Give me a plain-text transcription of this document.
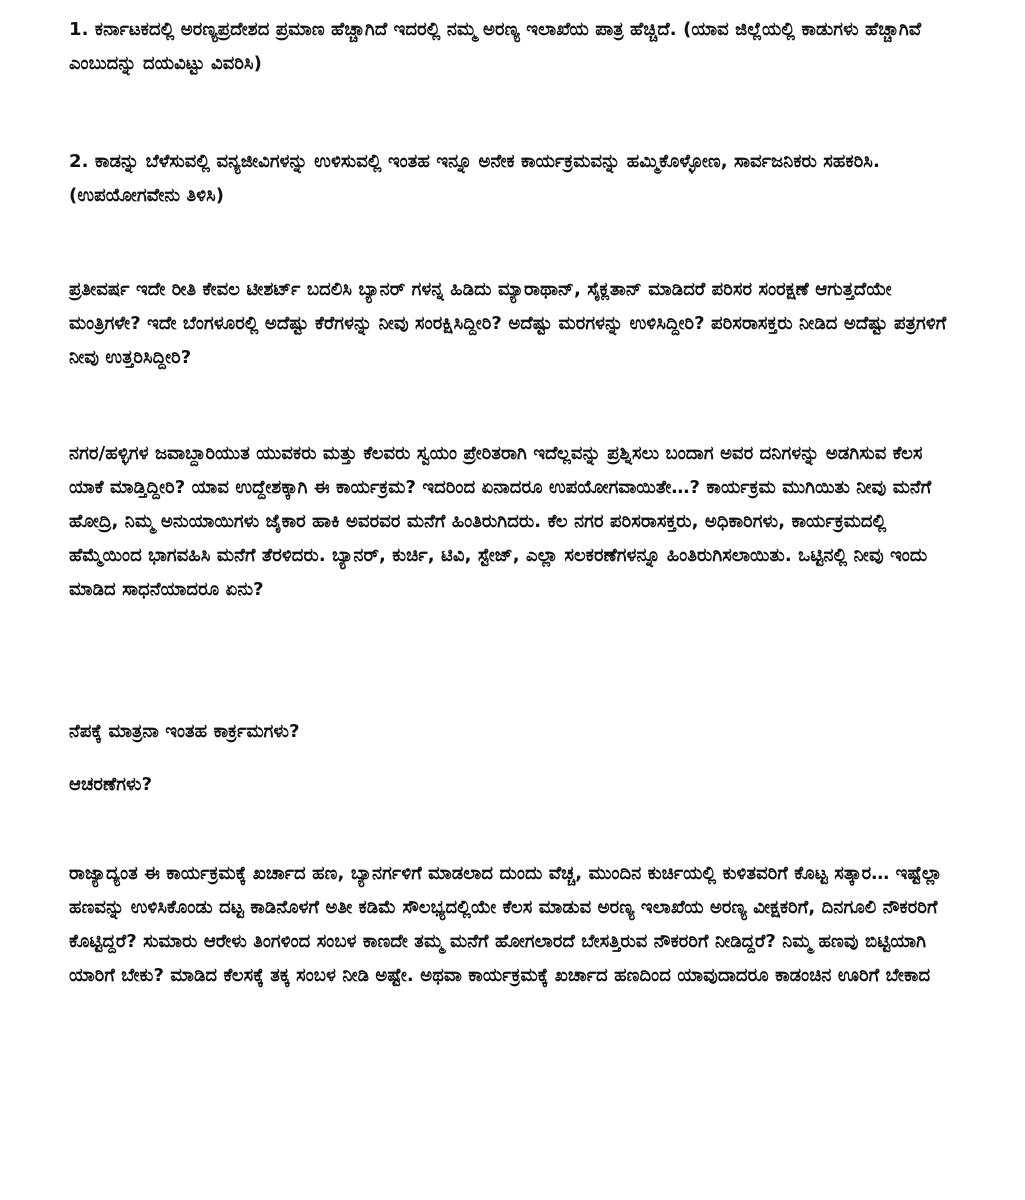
1. ಕರ್ನಾಟಕದಲ್ಲಿ ಅರಣ್ಯಪ್ರದೇಶದ ಪ್ರಮಾಣ ಹೆಚ್ಚಾಗಿದೆ ಇದರಲ್ಲಿ ನಮ್ಮ ಅರಣ್ಯ ಇಲಾಖೆಯ ಪಾತ್ರ ಹೆಚ್ಚಿದೆ. (ಯಾವ ಜಿಲ್ಲೆಯಲ್ಲಿ ಕಾಡುಗಳು ಹೆಚ್ಚಾಗಿವೆ ಎಂಬುದನ್ನು ದಯವಿಟ್ಟು ವಿವರಿಸಿ)

2. ಕಾಡನ್ನು ಬೆಳೆಸುವಲ್ಲಿ ವನ್ಯಜೀವಿಗಳನ್ನು ಉಳಿಸುವಲ್ಲಿ ಇಂತಹ ಇನ್ನೂ ಅನೇಕ ಕಾರ್ಯಕ್ರಮವನ್ನು ಹಮ್ಮಿಕೊಳ್ಳೋಣ, ಸಾರ್ವಜನಿಕರು ಸಹಕರಿಸಿ. (ಉಪಯೋಗವೇನು ತಿಳಿಸಿ)

ಪ್ರತೀವರ್ಷ ಇದೇ ರೀತಿ ಕೇವಲ ಟೀಶರ್ಟ್ ಬದಲಿಸಿ ಬ್ಯಾನರ್ ಗಳನ್ನ ಹಿಡಿದು ಮ್ಯಾರಾಥಾನ್, ಸೈಕ್ಲತಾನ್ ಮಾಡಿದರೆ ಪರಿಸರ ಸಂರಕ್ಷಣೆ ಆಗುತ್ತದೆಯೇ ಮಂತ್ರಿಗಳೇ? ಇದೇ ಬೆಂಗಳೂರಲ್ಲಿ ಅದೆಷ್ಟು ಕೆರೆಗಳನ್ನು ನೀವು ಸಂರಕ್ಷಿಸಿದ್ದೀರಿ? ಅದೆಷ್ಟು ಮರಗಳನ್ನು ಉಳಿಸಿದ್ದೀರಿ? ಪರಿಸರಾಸಕ್ತರು ನೀಡಿದ ಅದೆಷ್ಟು ಪತ್ರಗಳಿಗೆ ನೀವು ಉತ್ತರಿಸಿದ್ದೀರಿ?

ನಗರ/ಹಳ್ಳಿಗಳ ಜವಾಬ್ದಾರಿಯುತ ಯುವಕರು ಮತ್ತು ಕೆಲವರು ಸ್ವಯಂ ಪ್ರೇರಿತರಾಗಿ ಇದೆಲ್ಲವನ್ನು ಪ್ರಶ್ನಿಸಲು ಬಂದಾಗ ಅವರ ದನಿಗಳನ್ನು ಅಡಗಿಸುವ ಕೆಲಸ ಯಾಕೆ ಮಾಡ್ತಿದ್ದೀರಿ? ಯಾವ ಉದ್ದೇಶಕ್ಕಾಗಿ ಈ ಕಾರ್ಯಕ್ರಮ? ಇದರಿಂದ ಏನಾದರೂ ಉಪಯೋಗವಾಯಿತೇ…? ಕಾರ್ಯಕ್ರಮ ಮುಗಿಯಿತು ನೀವು ಮನೆಗೆ ಹೋದ್ರಿ, ನಿಮ್ಮ ಅನುಯಾಯಿಗಳು ಜೈಕಾರ ಹಾಕಿ ಅವರವರ ಮನೆಗೆ ಹಿಂತಿರುಗಿದರು. ಕೆಲ ನಗರ ಪರಿಸರಾಸಕ್ತರು, ಅಧಿಕಾರಿಗಳು, ಕಾರ್ಯಕ್ರಮದಲ್ಲಿ ಹೆಮ್ಮೆಯಿಂದ ಭಾಗವಹಿಸಿ ಮನೆಗೆ ತೆರಳಿದರು. ಬ್ಯಾನರ್, ಕುರ್ಚಿ, ಟಿವಿ, ಸ್ಟೇಜ್, ಎಲ್ಲಾ ಸಲಕರಣೆಗಳನ್ನೂ ಹಿಂತಿರುಗಿಸಲಾಯಿತು. ಒಟ್ಟಿನಲ್ಲಿ ನೀವು ಇಂದು ಮಾಡಿದ ಸಾಧನೆಯಾದರೂ ಏನು?

ನೆಪಕ್ಕೆ ಮಾತ್ರನಾ ಇಂತಹ ಕಾರ್ಕ್ರಮಗಳು?

ಆಚರಣೆಗಳು?

ರಾಜ್ಯಾದ್ಯಂತ ಈ ಕಾರ್ಯಕ್ರಮಕ್ಕೆ ಖರ್ಚಾದ ಹಣ, ಬ್ಯಾನರ್ಗಳಿಗೆ ಮಾಡಲಾದ ದುಂದು ವೆಚ್ಚ, ಮುಂದಿನ ಕುರ್ಚಿಯಲ್ಲಿ ಕುಳಿತವರಿಗೆ ಕೊಟ್ಟ ಸತ್ಕಾರ… ಇಷ್ಟೆಲ್ಲಾ ಹಣವನ್ನು ಉಳಿಸಿಕೊಂಡು ದಟ್ಟ ಕಾಡಿನೊಳಗೆ ಅತೀ ಕಡಿಮೆ ಸೌಲಭ್ಯದಲ್ಲಿಯೇ ಕೆಲಸ ಮಾಡುವ ಅರಣ್ಯ ಇಲಾಖೆಯ ಅರಣ್ಯ ವೀಕ್ಷಕರಿಗೆ, ದಿನಗೂಲಿ ನೌಕರರಿಗೆ ಕೊಟ್ಟಿದ್ದರೆ? ಸುಮಾರು ಆರೇಳು ತಿಂಗಳಿಂದ ಸಂಬಳ ಕಾಣದೇ ತಮ್ಮ ಮನೆಗೆ ಹೋಗಲಾರದೆ ಬೇಸತ್ತಿರುವ ನೌಕರರಿಗೆ ನೀಡಿದ್ದರೆ? ನಿಮ್ಮ ಹಣವು ಬಿಟ್ಟಿಯಾಗಿ ಯಾರಿಗೆ ಬೇಕು? ಮಾಡಿದ ಕೆಲಸಕ್ಕೆ ತಕ್ಕ ಸಂಬಳ ನೀಡಿ ಅಷ್ಟೇ. ಅಥವಾ ಕಾರ್ಯಕ್ರಮಕ್ಕೆ ಖರ್ಚಾದ ಹಣದಿಂದ ಯಾವುದಾದರೂ ಕಾಡಂಚಿನ ಊರಿಗೆ ಬೇಕಾದ
